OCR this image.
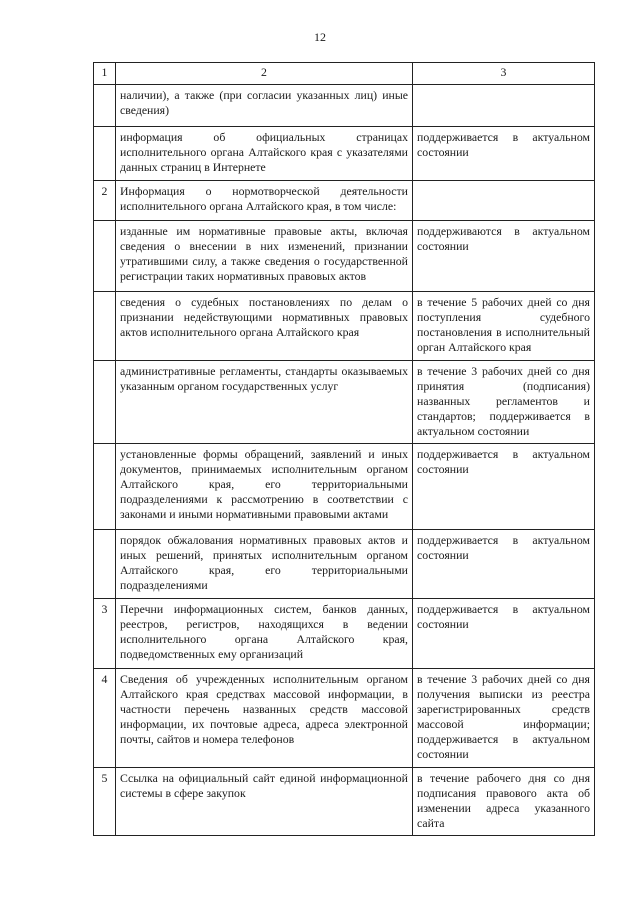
12
1	2	3
	наличии), а также (при согласии указанных лиц) иные сведения)	
	информация об официальных страницах исполнительного органа Алтайского края с указателями данных страниц в Интернете	поддерживается в актуальном состоянии
2	Информация о нормотворческой деятельности исполнительного органа Алтайского края, в том числе:	
	изданные им нормативные правовые акты, включая сведения о внесении в них изменений, признании утратившими силу, а также сведения о государственной регистрации таких нормативных правовых актов	поддерживаются в актуальном состоянии
	сведения о судебных постановлениях по делам о признании недействующими нормативных правовых актов исполнительного органа Алтайского края	в течение 5 рабочих дней со дня поступления судебного постановления в исполнительный орган Алтайского края
	административные регламенты, стандарты оказываемых указанным органом государственных услуг	в течение 3 рабочих дней со дня принятия (подписания) названных регламентов и стандартов; поддерживается в актуальном состоянии
	установленные формы обращений, заявлений и иных документов, принимаемых исполнительным органом Алтайского края, его территориальными подразделениями к рассмотрению в соответствии с законами и иными нормативными правовыми актами	поддерживается в актуальном состоянии
	порядок обжалования нормативных правовых актов и иных решений, принятых исполнительным органом Алтайского края, его территориальными подразделениями	поддерживается в актуальном состоянии
3	Перечни информационных систем, банков данных, реестров, регистров, находящихся в ведении исполнительного органа Алтайского края, подведомственных ему организаций	поддерживается в актуальном состоянии
4	Сведения об учрежденных исполнительным органом Алтайского края средствах массовой информации, в частности перечень названных средств массовой информации, их почтовые адреса, адреса электронной почты, сайтов и номера телефонов	в течение 3 рабочих дней со дня получения выписки из реестра зарегистрированных средств массовой информации; поддерживается в актуальном состоянии
5	Ссылка на официальный сайт единой информационной системы в сфере закупок	в течение рабочего дня со дня подписания правового акта об изменении адреса указанного сайта
